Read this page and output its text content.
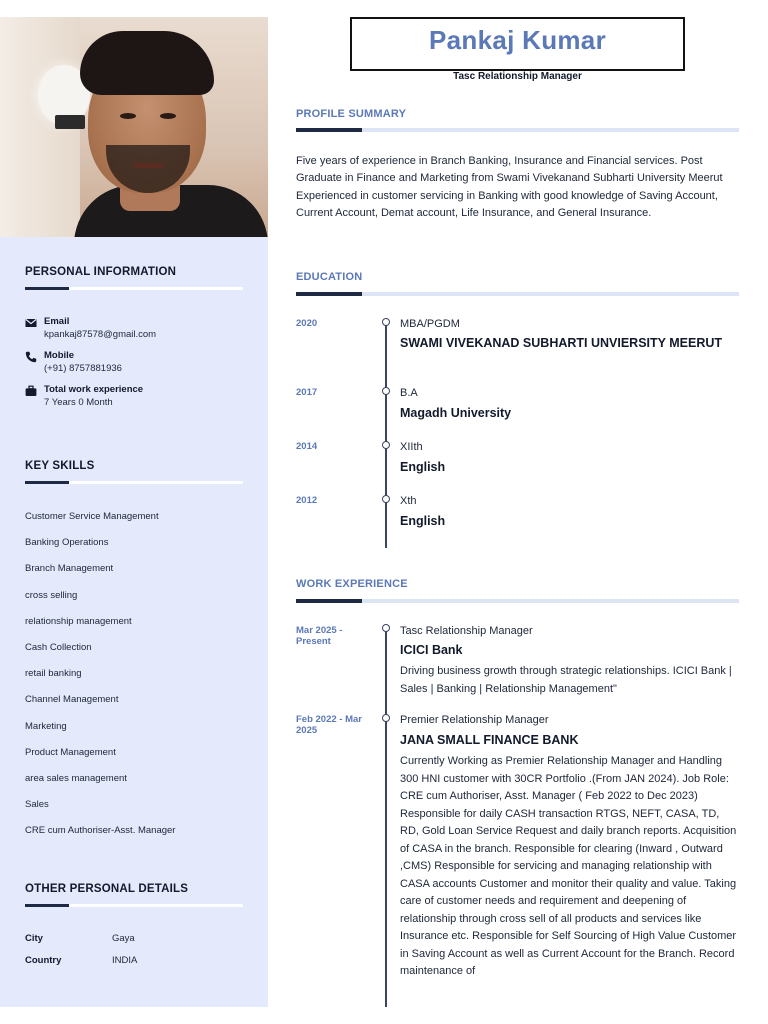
PERSONAL INFORMATION
Email
kpankaj87578@gmail.com
Mobile
(+91) 8757881936
Total work experience
7 Years 0 Month
KEY SKILLS
Customer Service Management
Banking Operations
Branch Management
cross selling
relationship management
Cash Collection
retail banking
Channel Management
Marketing
Product Management
area sales management
Sales
CRE cum Authoriser-Asst. Manager
OTHER PERSONAL DETAILS
City	Gaya
Country	INDIA
Pankaj Kumar
Tasc Relationship Manager
PROFILE SUMMARY
Five years of experience in Branch Banking, Insurance and Financial services. Post Graduate in Finance and Marketing from Swami Vivekanand Subharti University Meerut Experienced in customer servicing in Banking with good knowledge of Saving Account, Current Account, Demat account, Life Insurance, and General Insurance.
EDUCATION
2020	MBA/PGDM
SWAMI VIVEKANAD SUBHARTI UNVIERSITY MEERUT
2017	B.A
Magadh University
2014	XIIth
English
2012	Xth
English
WORK EXPERIENCE
Mar 2025 - Present
Tasc Relationship Manager
ICICI Bank
Driving business growth through strategic relationships. ICICI Bank | Sales | Banking | Relationship Management"
Feb 2022 - Mar 2025
Premier Relationship Manager
JANA SMALL FINANCE BANK
Currently Working as Premier Relationship Manager and Handling 300 HNI customer with 30CR Portfolio .(From JAN 2024). Job Role: CRE cum Authoriser, Asst. Manager ( Feb 2022 to Dec 2023) Responsible for daily CASH transaction RTGS, NEFT, CASA, TD, RD, Gold Loan Service Request and daily branch reports. Acquisition of CASA in the branch. Responsible for clearing (Inward , Outward ,CMS) Responsible for servicing and managing relationship with CASA accounts Customer and monitor their quality and value. Taking care of customer needs and requirement and deepening of relationship through cross sell of all products and services like Insurance etc. Responsible for Self Sourcing of High Value Customer in Saving Account as well as Current Account for the Branch. Record maintenance of
